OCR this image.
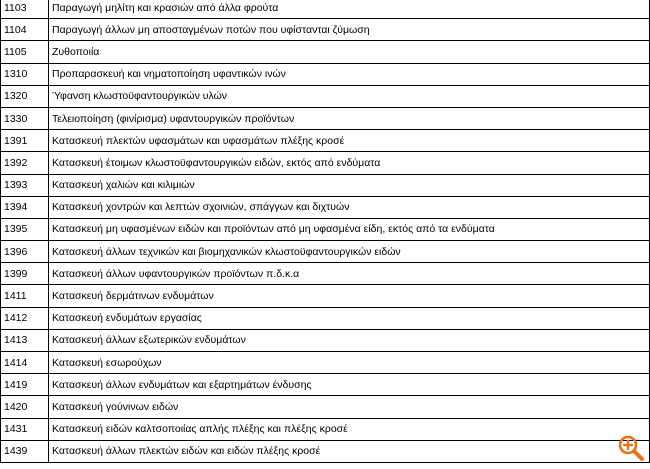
1103	Παραγωγή μηλίτη και κρασιών από άλλα φρούτα
1104	Παραγωγή άλλων μη αποσταγμένων ποτών που υφίστανται ζύμωση
1105	Ζυθοποιία
1310	Προπαρασκευή και νηματοποίηση υφαντικών ινών
1320	Ύφανση κλωστοϋφαντουργικών υλών
1330	Τελειοποίηση (φινίρισμα) υφαντουργικών προϊόντων
1391	Κατασκευή πλεκτών υφασμάτων και υφασμάτων πλέξης κροσέ
1392	Κατασκευή έτοιμων κλωστοϋφαντουργικών ειδών, εκτός από ενδύματα
1393	Κατασκευή χαλιών και κιλιμιών
1394	Κατασκευή χοντρών και λεπτών σχοινιών, σπάγγων και διχτυών
1395	Κατασκευή μη υφασμένων ειδών και προϊόντων από μη υφασμένα είδη, εκτός από τα ενδύματα
1396	Κατασκευή άλλων τεχνικών και βιομηχανικών κλωστοϋφαντουργικών ειδών
1399	Κατασκευή άλλων υφαντουργικών προϊόντων π.δ.κ.α
1411	Κατασκευή δερμάτινων ενδυμάτων
1412	Κατασκευή ενδυμάτων εργασίας
1413	Κατασκευή άλλων εξωτερικών ενδυμάτων
1414	Κατασκευή εσωρούχων
1419	Κατασκευή άλλων ενδυμάτων και εξαρτημάτων ένδυσης
1420	Κατασκευή γούνινων ειδών
1431	Κατασκευή ειδών καλτσοποιίας απλής πλέξης και πλέξης κροσέ
1439	Κατασκευή άλλων πλεκτών ειδών και ειδών πλέξης κροσέ
